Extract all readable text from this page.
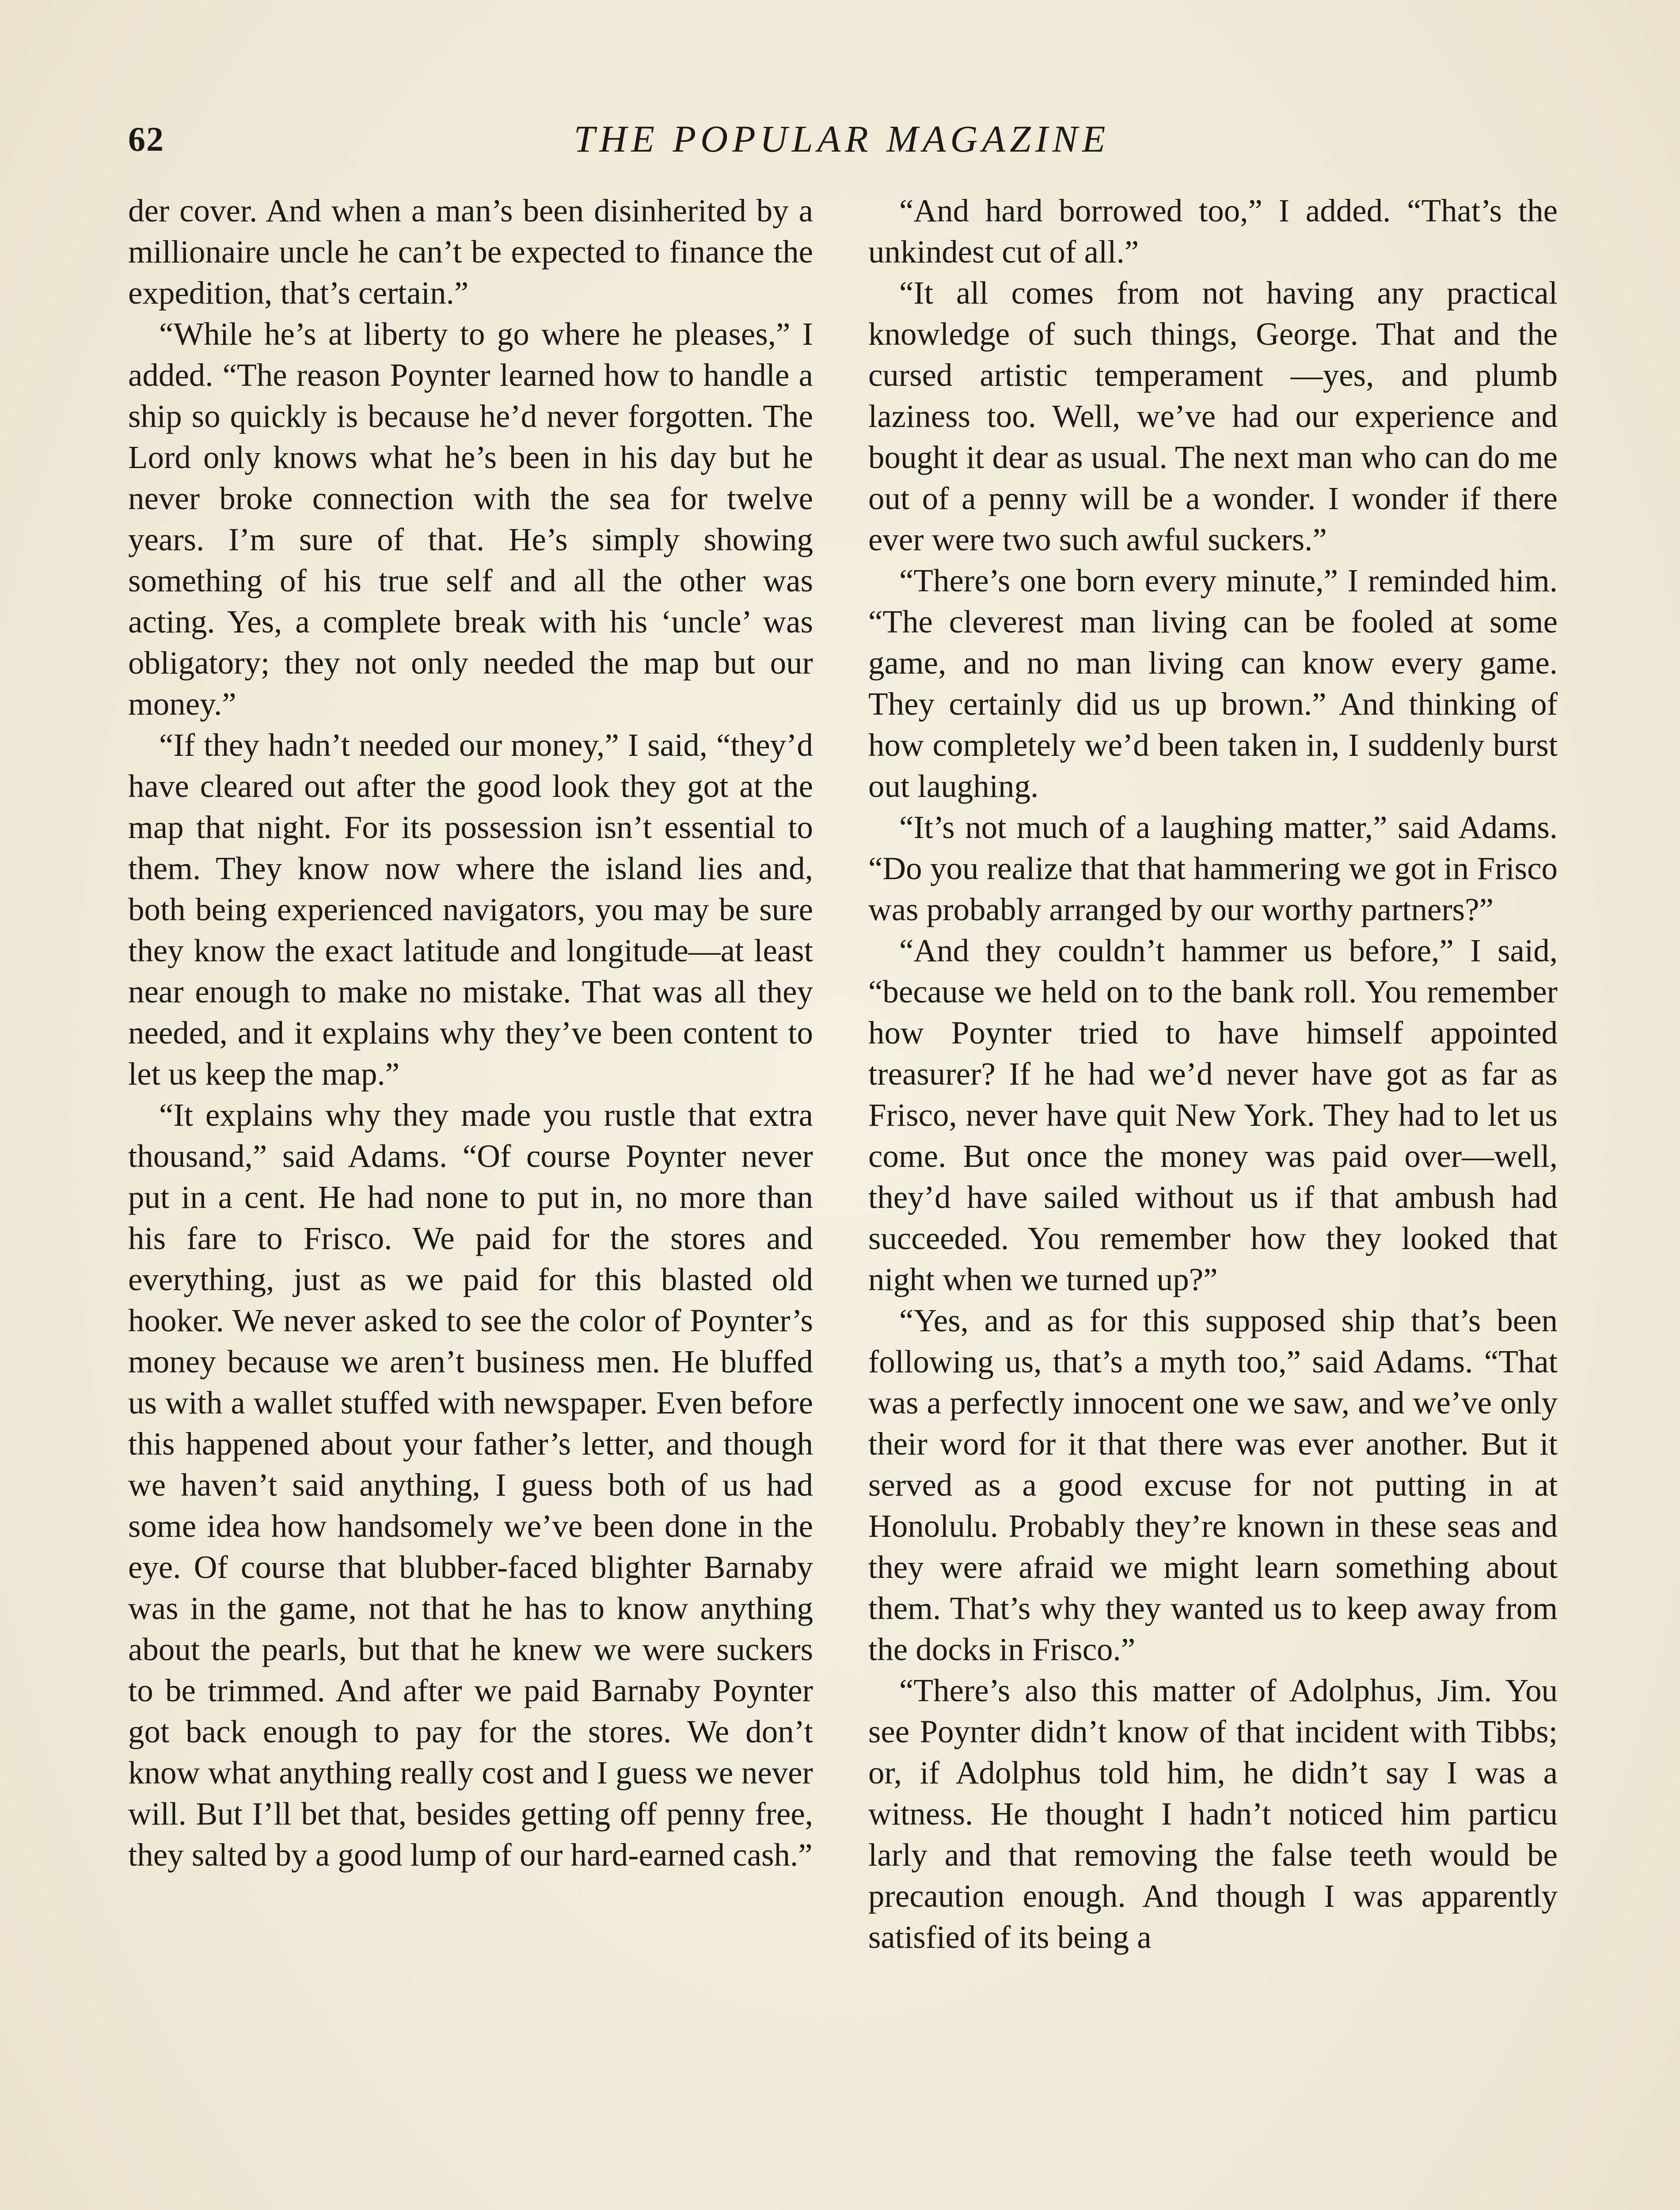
62	THE POPULAR MAGAZINE

der cover. And when a man’s been disinherited by a millionaire uncle he can’t be expected to finance the expedition, that’s certain.”

“While he’s at liberty to go where he pleases,” I added. “The reason Poynter learned how to handle a ship so quickly is because he’d never forgotten. The Lord only knows what he’s been in his day but he never broke connection with the sea for twelve years. I’m sure of that. He’s simply showing something of his true self and all the other was acting. Yes, a complete break with his ‘uncle’ was obligatory; they not only needed the map but our money.”

“If they hadn’t needed our money,” I said, “they’d have cleared out after the good look they got at the map that night. For its possession isn’t essential to them. They know now where the island lies and, both being experienced navigators, you may be sure they know the exact latitude and longitude—at least near enough to make no mistake. That was all they needed, and it explains why they’ve been content to let us keep the map.”

“It explains why they made you rustle that extra thousand,” said Adams. “Of course Poynter never put in a cent. He had none to put in, no more than his fare to Frisco. We paid for the stores and everything, just as we paid for this blasted old hooker. We never asked to see the color of Poynter’s money because we aren’t business men. He bluffed us with a wallet stuffed with newspaper. Even before this happened about your father’s letter, and though we haven’t said anything, I guess both of us had some idea how handsomely we’ve been done in the eye. Of course that blubber-faced blighter Barnaby was in the game, not that he has to know anything about the pearls, but that he knew we were suckers to be trimmed. And after we paid Barnaby Poynter got back enough to pay for the stores. We don’t know what anything really cost and I guess we never will. But I’ll bet that, besides getting off penny free, they salted by a good lump of our hard-earned cash.”

“And hard borrowed too,” I added. “That’s the unkindest cut of all.”

“It all comes from not having any practical knowledge of such things, George. That and the cursed artistic temperament —yes, and plumb laziness too. Well, we’ve had our experience and bought it dear as usual. The next man who can do me out of a penny will be a wonder. I wonder if there ever were two such awful suckers.”

“There’s one born every minute,” I reminded him. “The cleverest man living can be fooled at some game, and no man living can know every game. They certainly did us up brown.” And thinking of how completely we’d been taken in, I suddenly burst out laughing.

“It’s not much of a laughing matter,” said Adams. “Do you realize that that hammering we got in Frisco was probably arranged by our worthy partners?”

“And they couldn’t hammer us before,” I said, “because we held on to the bank roll. You remember how Poynter tried to have himself appointed treasurer? If he had we’d never have got as far as Frisco, never have quit New York. They had to let us come. But once the money was paid over—well, they’d have sailed without us if that ambush had succeeded. You remember how they looked that night when we turned up?”

“Yes, and as for this supposed ship that’s been following us, that’s a myth too,” said Adams. “That was a perfectly innocent one we saw, and we’ve only their word for it that there was ever another. But it served as a good excuse for not putting in at Honolulu. Probably they’re known in these seas and they were afraid we might learn something about them. That’s why they wanted us to keep away from the docks in Frisco.”

“There’s also this matter of Adolphus, Jim. You see Poynter didn’t know of that incident with Tibbs; or, if Adolphus told him, he didn’t say I was a witness. He thought I hadn’t noticed him particu larly and that removing the false teeth would be precaution enough. And though I was apparently satisfied of its being a
